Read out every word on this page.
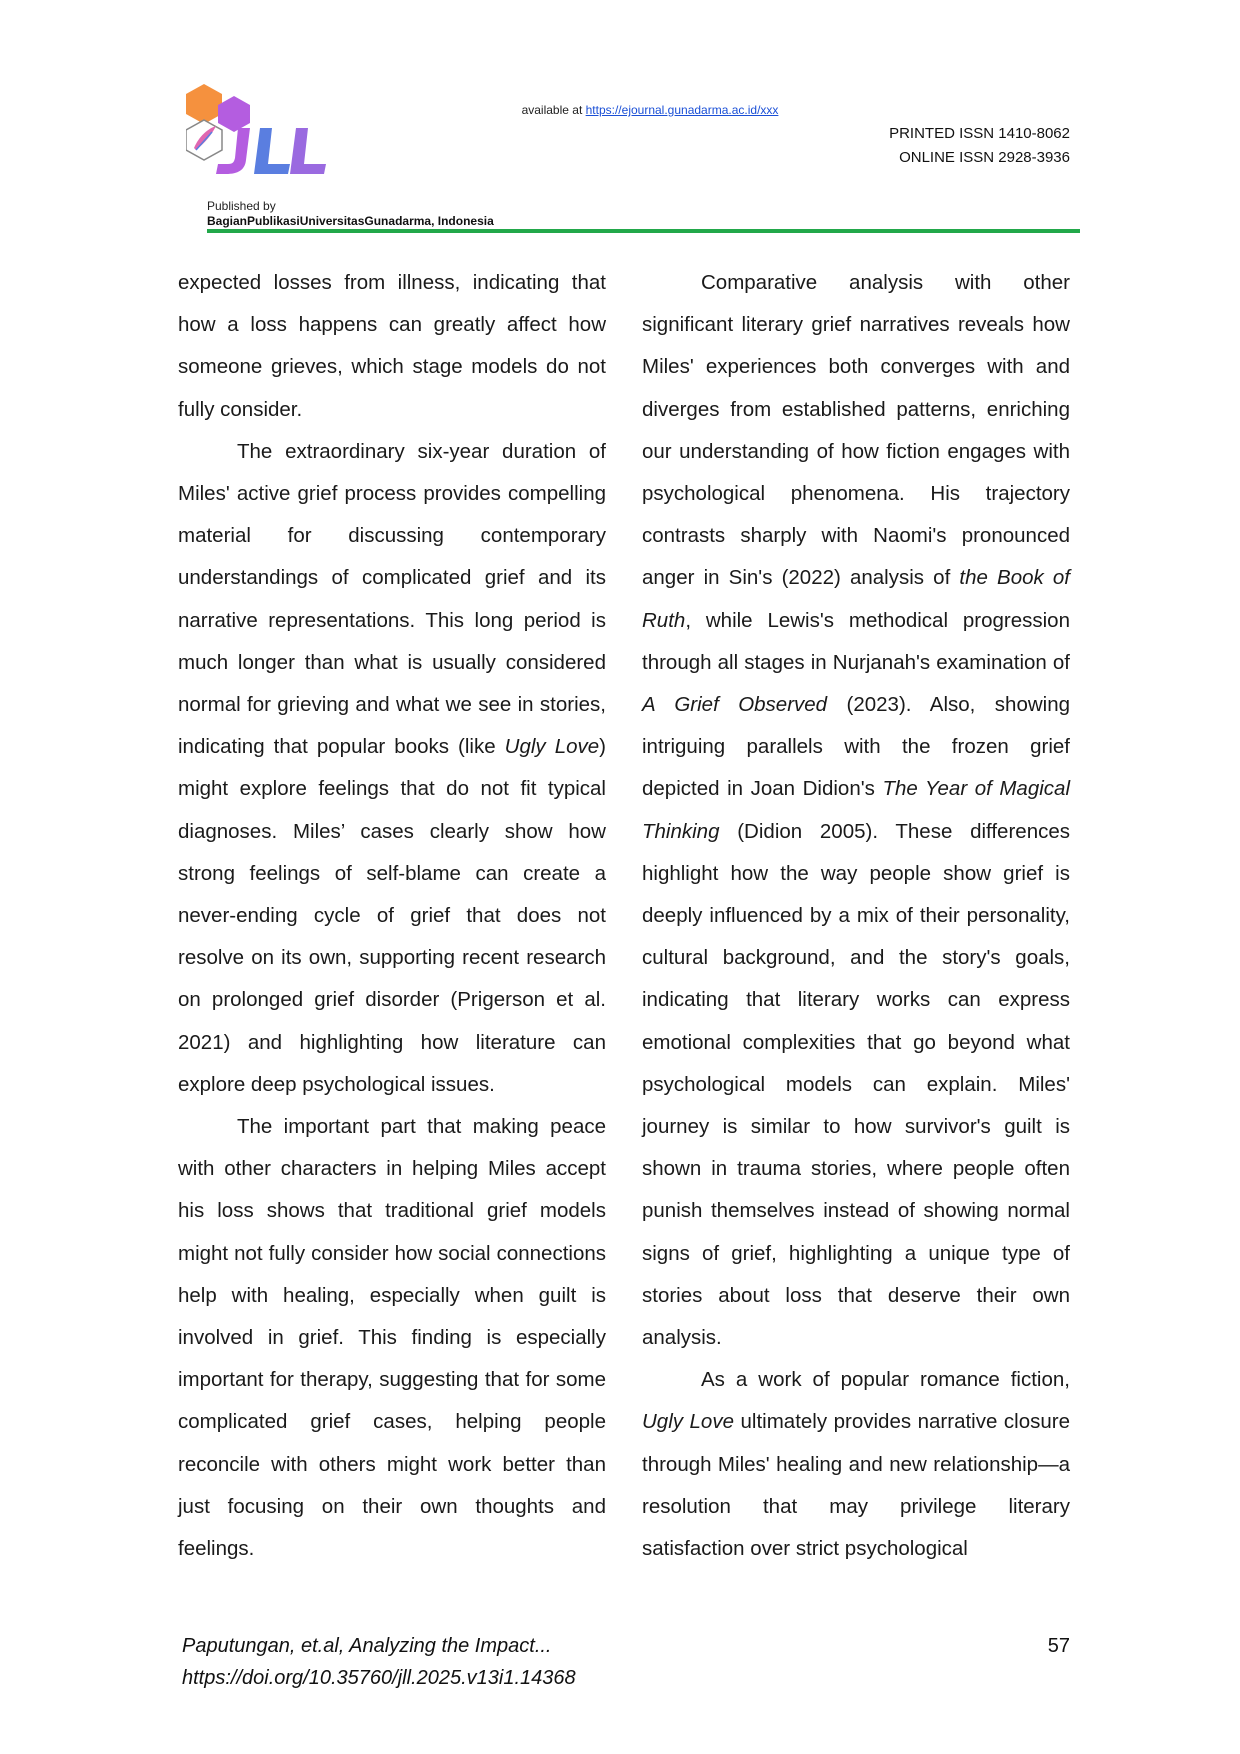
Published by
BagianPublikasiUniversitasGunadarma, Indonesia
available at https://ejournal.gunadarma.ac.id/xxx
PRINTED ISSN 1410-8062
ONLINE ISSN 2928-3936

expected losses from illness, indicating that how a loss happens can greatly affect how someone grieves, which stage models do not fully consider.

The extraordinary six-year duration of Miles' active grief process provides compelling material for discussing contemporary understandings of complicated grief and its narrative representations. This long period is much longer than what is usually considered normal for grieving and what we see in stories, indicating that popular books (like Ugly Love) might explore feelings that do not fit typical diagnoses. Miles’ cases clearly show how strong feelings of self-blame can create a never-ending cycle of grief that does not resolve on its own, supporting recent research on prolonged grief disorder (Prigerson et al. 2021) and highlighting how literature can explore deep psychological issues.

The important part that making peace with other characters in helping Miles accept his loss shows that traditional grief models might not fully consider how social connections help with healing, especially when guilt is involved in grief. This finding is especially important for therapy, suggesting that for some complicated grief cases, helping people reconcile with others might work better than just focusing on their own thoughts and feelings.

Comparative analysis with other significant literary grief narratives reveals how Miles' experiences both converges with and diverges from established patterns, enriching our understanding of how fiction engages with psychological phenomena. His trajectory contrasts sharply with Naomi's pronounced anger in Sin's (2022) analysis of the Book of Ruth, while Lewis's methodical progression through all stages in Nurjanah's examination of A Grief Observed (2023). Also, showing intriguing parallels with the frozen grief depicted in Joan Didion's The Year of Magical Thinking (Didion 2005). These differences highlight how the way people show grief is deeply influenced by a mix of their personality, cultural background, and the story's goals, indicating that literary works can express emotional complexities that go beyond what psychological models can explain. Miles' journey is similar to how survivor's guilt is shown in trauma stories, where people often punish themselves instead of showing normal signs of grief, highlighting a unique type of stories about loss that deserve their own analysis.

As a work of popular romance fiction, Ugly Love ultimately provides narrative closure through Miles' healing and new relationship—a resolution that may privilege literary satisfaction over strict psychological

Paputungan, et.al, Analyzing the Impact...
https://doi.org/10.35760/jll.2025.v13i1.14368
57
